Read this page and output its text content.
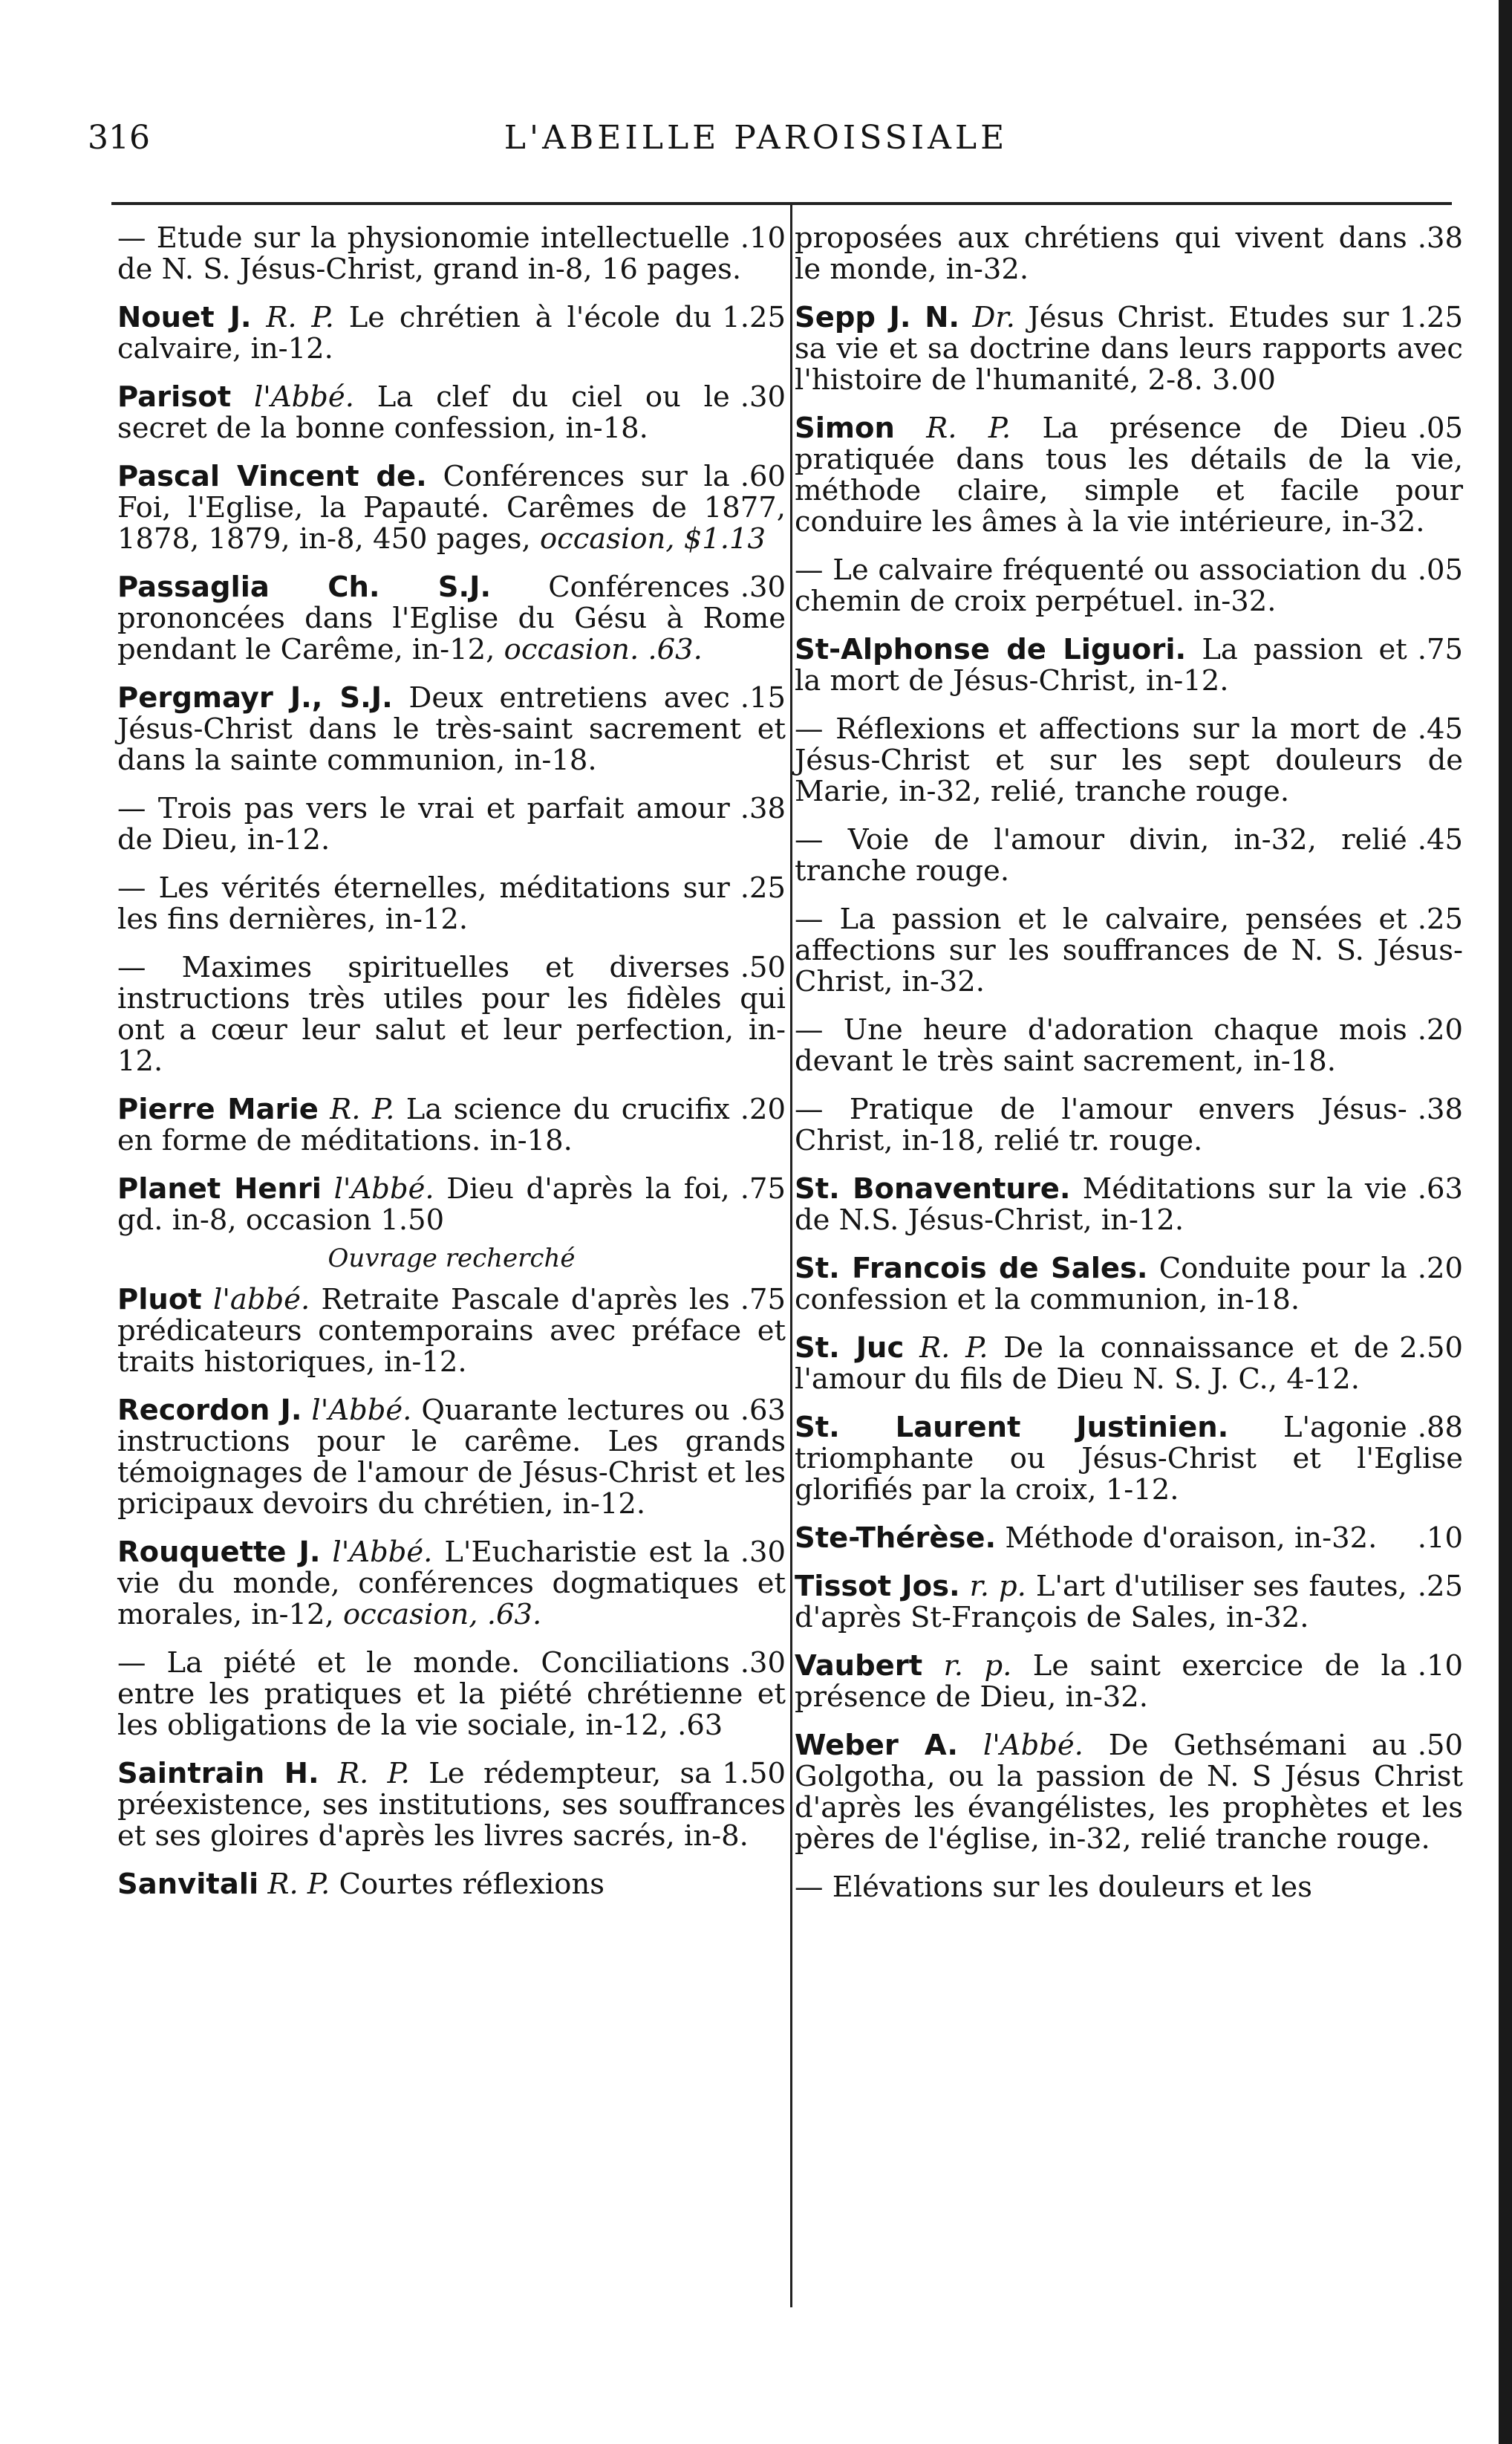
316	L'ABEILLE PAROISSIALE

.10
— Etude sur la physionomie intellectuelle de N. S. Jésus-Christ, grand in-8, 16 pages.

1.25
Nouet J. R. P. Le chrétien à l'école du calvaire, in-12.

.30
Parisot l'Abbé. La clef du ciel ou le secret de la bonne confession, in-18.

.60
Pascal Vincent de. Conférences sur la Foi, l'Eglise, la Papauté. Carêmes de 1877, 1878, 1879, in-8, 450 pages, occasion, $1.13

.30
Passaglia Ch. S.J. Conférences prononcées dans l'Eglise du Gésu à Rome pendant le Carême, in-12, occasion. .63.

.15
Pergmayr J., S.J. Deux entretiens avec Jésus-Christ dans le très-saint sacrement et dans la sainte communion, in-18.

.38
— Trois pas vers le vrai et parfait amour de Dieu, in-12.

.25
— Les vérités éternelles, méditations sur les fins dernières, in-12.

.50
— Maximes spirituelles et diverses instructions très utiles pour les fidèles qui ont a cœur leur salut et leur perfection, in-12.

.20
Pierre Marie R. P. La science du crucifix en forme de méditations. in-18.

.75
Planet Henri l'Abbé. Dieu d'après la foi, gd. in-8, occasion 1.50

Ouvrage recherché

.75
Pluot l'abbé. Retraite Pascale d'après les prédicateurs contemporains avec préface et traits historiques, in-12.

.63
Recordon J. l'Abbé. Quarante lectures ou instructions pour le carême. Les grands témoignages de l'amour de Jésus-Christ et les pricipaux devoirs du chrétien, in-12.

.30
Rouquette J. l'Abbé. L'Eucharistie est la vie du monde, conférences dogmatiques et morales, in-12, occasion, .63.

.30
— La piété et le monde. Conciliations entre les pratiques et la piété chrétienne et les obligations de la vie sociale, in-12, .63

1.50
Saintrain H. R. P. Le rédempteur, sa préexistence, ses institutions, ses souffrances et ses gloires d'après les livres sacrés, in-8.

Sanvitali R. P. Courtes réflexions

.38
proposées aux chrétiens qui vivent dans le monde, in-32.

1.25
Sepp J. N. Dr. Jésus Christ. Etudes sur sa vie et sa doctrine dans leurs rapports avec l'histoire de l'humanité, 2-8. 3.00

.05
Simon R. P. La présence de Dieu pratiquée dans tous les détails de la vie, méthode claire, simple et facile pour conduire les âmes à la vie intérieure, in-32.

.05
— Le calvaire fréquenté ou association du chemin de croix perpétuel. in-32.

.75
St-Alphonse de Liguori. La passion et la mort de Jésus-Christ, in-12.

.45
— Réflexions et affections sur la mort de Jésus-Christ et sur les sept douleurs de Marie, in-32, relié, tranche rouge.

.45
— Voie de l'amour divin, in-32, relié tranche rouge.

.25
— La passion et le calvaire, pensées et affections sur les souffrances de N. S. Jésus-Christ, in-32.

.20
— Une heure d'adoration chaque mois devant le très saint sacrement, in-18.

.38
— Pratique de l'amour envers Jésus-Christ, in-18, relié tr. rouge.

.63
St. Bonaventure. Méditations sur la vie de N.S. Jésus-Christ, in-12.

.20
St. Francois de Sales. Conduite pour la confession et la communion, in-18.

2.50
St. Juc R. P. De la connaissance et de l'amour du fils de Dieu N. S. J. C., 4-12.

.88
St. Laurent Justinien. L'agonie triomphante ou Jésus-Christ et l'Eglise glorifiés par la croix, 1-12.

.10
Ste-Thérèse. Méthode d'oraison, in-32.

.25
Tissot Jos. r. p. L'art d'utiliser ses fautes, d'après St-François de Sales, in-32.

.10
Vaubert r. p. Le saint exercice de la présence de Dieu, in-32.

.50
Weber A. l'Abbé. De Gethsémani au Golgotha, ou la passion de N. S Jésus Christ d'après les évangélistes, les prophètes et les pères de l'église, in-32, relié tranche rouge.

— Elévations sur les douleurs et les
